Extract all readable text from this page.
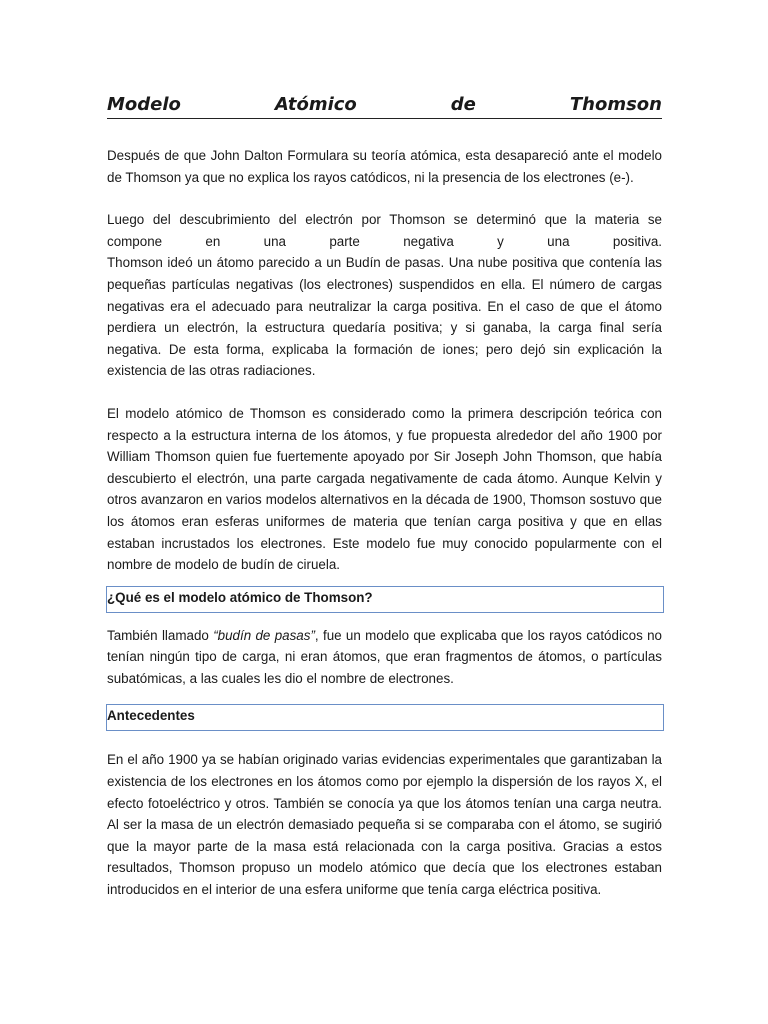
Modelo	Atómico	de	Thomson

Después de que John Dalton Formulara su teoría atómica, esta desapareció ante el modelo de Thomson ya que no explica los rayos catódicos, ni la presencia de los electrones (e-).

Luego del descubrimiento del electrón por Thomson se determinó que la materia se compone en una parte negativa y una positiva.
Thomson ideó un átomo parecido a un Budín de pasas. Una nube positiva que contenía las pequeñas partículas negativas (los electrones) suspendidos en ella. El número de cargas negativas era el adecuado para neutralizar la carga positiva. En el caso de que el átomo perdiera un electrón, la estructura quedaría positiva; y si ganaba, la carga final sería negativa. De esta forma, explicaba la formación de iones; pero dejó sin explicación la existencia de las otras radiaciones.

El modelo atómico de Thomson es considerado como la primera descripción teórica con respecto a la estructura interna de los átomos, y fue propuesta alrededor del año 1900 por William Thomson quien fue fuertemente apoyado por Sir Joseph John Thomson, que había descubierto el electrón, una parte cargada negativamente de cada átomo. Aunque Kelvin y otros avanzaron en varios modelos alternativos en la década de 1900, Thomson sostuvo que los átomos eran esferas uniformes de materia que tenían carga positiva y que en ellas estaban incrustados los electrones. Este modelo fue muy conocido popularmente con el nombre de modelo de budín de ciruela.

¿Qué es el modelo atómico de Thomson?

También llamado “budín de pasas”, fue un modelo que explicaba que los rayos catódicos no tenían ningún tipo de carga, ni eran átomos, que eran fragmentos de átomos, o partículas subatómicas, a las cuales les dio el nombre de electrones.

Antecedentes

En el año 1900 ya se habían originado varias evidencias experimentales que garantizaban la existencia de los electrones en los átomos como por ejemplo la dispersión de los rayos X, el efecto fotoeléctrico y otros. También se conocía ya que los átomos tenían una carga neutra. Al ser la masa de un electrón demasiado pequeña si se comparaba con el átomo, se sugirió que la mayor parte de la masa está relacionada con la carga positiva. Gracias a estos resultados, Thomson propuso un modelo atómico que decía que los electrones estaban introducidos en el interior de una esfera uniforme que tenía carga eléctrica positiva.
